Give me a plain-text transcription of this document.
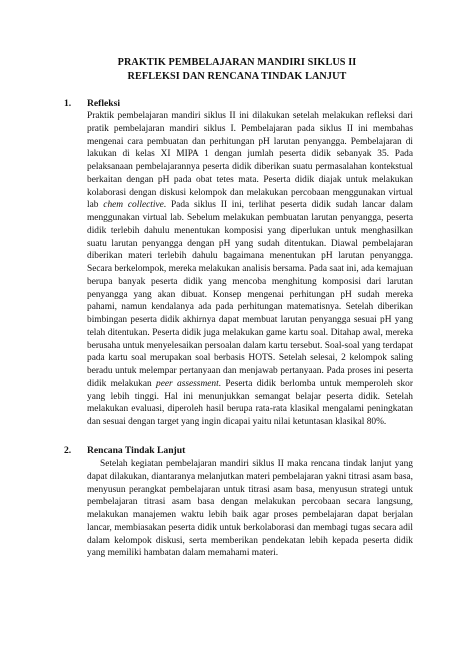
PRAKTIK PEMBELAJARAN MANDIRI SIKLUS II
REFLEKSI DAN RENCANA TINDAK LANJUT
1.	Refleksi

Praktik pembelajaran mandiri siklus II ini dilakukan setelah melakukan refleksi dari pratik pembelajaran mandiri siklus I. Pembelajaran pada siklus II ini membahas mengenai cara pembuatan dan perhitungan pH larutan penyangga. Pembelajaran di lakukan di kelas XI MIPA 1 dengan jumlah peserta didik sebanyak 35. Pada pelaksanaan pembelajarannya peserta didik diberikan suatu permasalahan kontekstual berkaitan dengan pH pada obat tetes mata. Peserta didik diajak untuk melakukan kolaborasi dengan diskusi kelompok dan melakukan percobaan menggunakan virtual lab chem collective. Pada siklus II ini, terlihat peserta didik sudah lancar dalam menggunakan virtual lab. Sebelum melakukan pembuatan larutan penyangga, peserta didik terlebih dahulu menentukan komposisi yang diperlukan untuk menghasilkan suatu larutan penyangga dengan pH yang sudah ditentukan. Diawal pembelajaran diberikan materi terlebih dahulu bagaimana menentukan pH larutan penyangga. Secara berkelompok, mereka melakukan analisis bersama. Pada saat ini, ada kemajuan berupa banyak peserta didik yang mencoba menghitung komposisi dari larutan penyangga yang akan dibuat. Konsep mengenai perhitungan pH sudah mereka pahami, namun kendalanya ada pada perhitungan matematisnya. Setelah diberikan bimbingan peserta didik akhirnya dapat membuat larutan penyangga sesuai pH yang telah ditentukan. Peserta didik juga melakukan game kartu soal. Ditahap awal, mereka berusaha untuk menyelesaikan persoalan dalam kartu tersebut. Soal-soal yang terdapat pada kartu soal merupakan soal berbasis HOTS. Setelah selesai, 2 kelompok saling beradu untuk melempar pertanyaan dan menjawab pertanyaan. Pada proses ini peserta didik melakukan peer assessment. Peserta didik berlomba untuk memperoleh skor yang lebih tinggi. Hal ini menunjukkan semangat belajar peserta didik. Setelah melakukan evaluasi, diperoleh hasil berupa rata-rata klasikal mengalami peningkatan dan sesuai dengan target yang ingin dicapai yaitu nilai ketuntasan klasikal 80%.

2.	Rencana Tindak Lanjut

Setelah kegiatan pembelajaran mandiri siklus II maka rencana tindak lanjut yang dapat dilakukan, diantaranya melanjutkan materi pembelajaran yakni titrasi asam basa, menyusun perangkat pembelajaran untuk titrasi asam basa, menyusun strategi untuk pembelajaran titrasi asam basa dengan melakukan percobaan secara langsung, melakukan manajemen waktu lebih baik agar proses pembelajaran dapat berjalan lancar, membiasakan peserta didik untuk berkolaborasi dan membagi tugas secara adil dalam kelompok diskusi, serta memberikan pendekatan lebih kepada peserta didik yang memiliki hambatan dalam memahami materi.
